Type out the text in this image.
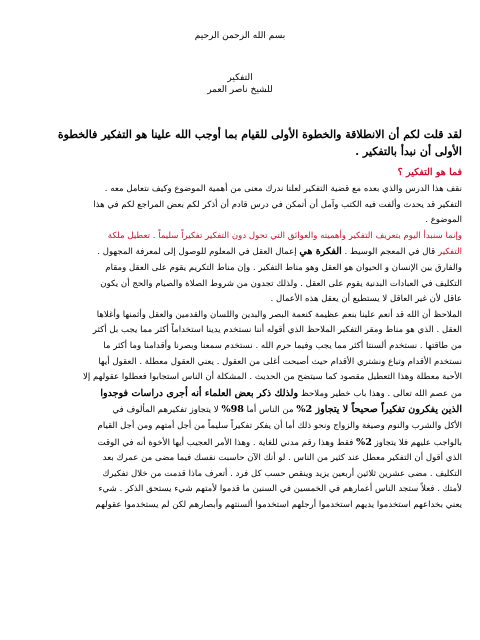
بسم الله الرحمن الرحيم
التفكير
للشيخ ناصر العمر
لقد قلت لكم أن الانطلاقة والخطوة الأولى للقيام بما أوجب الله علينا هو التفكير فالخطوة
الأولى أن نبدأ بالتفكير .
فما هو التفكير ؟
نقف هذا الدرس والذي بعده مع قضية التفكير لعلنا ندرك معنى من أهمية الموضوع وكيف نتعامل معه .
التفكير قد يحدث وأُلفت فيه الكتب وآمل أن أتمكن في درس قادم أن أذكر لكم بعض المراجع لكم في هذا
الموضوع .
وإنما سنبدأ اليوم بتعريف التفكير وأهميته والعوائق التي تحول دون التفكير تفكيراً سليماً . تعطيل ملكة
التفكير قال في المعجم الوسيط . الفكرة هي إعمال العقل في المعلوم للوصول إلى لمعرفة المجهول .
والفارق بين الإنسان و الحيوان هو العقل وهو مناط التفكير . وإن مناط التكريم يقوم على العقل ومقام
التكليف في العبادات البدنية يقوم على العقل . ولذلك تجدون من شروط الصلاة والصيام والحج أن يكون
عاقل لأن غير العاقل لا يستطيع أن يعقل هذه الأعمال .
الملاحظ أن الله قد أنعم علينا بنعم عظيمة كنعمة البصر والبدين واللسان والقدمين والعقل وأثمنها وأغلاها
العقل . الذي هو مناط ومقر التفكير الملاحظ الذي أقوله أننا نستخدم يدينا استخداماً أكثر مما يجب بل أكثر
من طاقتها . نستخدم ألسنتا أكثر مما يجب وفيما حرم الله . نستخدم سمعنا وبصرنا وأقدامنا وما أكثر ما
نستخدم الأقدام وتباع ونشتري الأقدام حيث أصبحت أغلى من العقول . يعني العقول معطلة . العقول أيها
الأحبة معطلة وهذا التعطيل مقصود كما سيتضح من الحديث . المشكلة أن الناس استجابوا فعطلوا عقولهم إلا
من عصم الله تعالى . وهذا باب خطير وملاحظ ولذلك ذكر بعض العلماء أنه أجرى دراسات فوجدوا
الذين يفكرون تفكيراً صحيحاً لا يتجاوز 2% من الناس أما 98% لا يتجاوز تفكيرهم المألوف في
الأكل والشرب والنوم وصيغة والزواج ونحو ذلك أما أن يفكر تفكيراً سليماً من أجل أمتهم ومن أجل القيام
بالواجب عليهم فلا يتجاوز 2% فقط وهذا رقم مدني للغاية . وهذا الأمر العجيب أيها الأخوة أنه في الوقت
الذي أقول أن التفكير معطل عند كثير من الناس . لو أنك الآن حاسبت نفسك فيما مضى من عمرك بعد
التكليف . مضى عشرين ثلاثين أربعين يزيد وينقص حسب كل فرد . أتعرف ماذا قدمت من خلال تفكيرك
لأمتك . فعلاً ستجد الناس أعمارهم في الخمسين في السنين ما قدموا لأمتهم شيء يستحق الذكر . شيء
يعني بخداعهم استخدموا يديهم استخدموا أرجلهم استخدموا ألسنتهم وأبصارهم لكن لم يستخدموا عقولهم
